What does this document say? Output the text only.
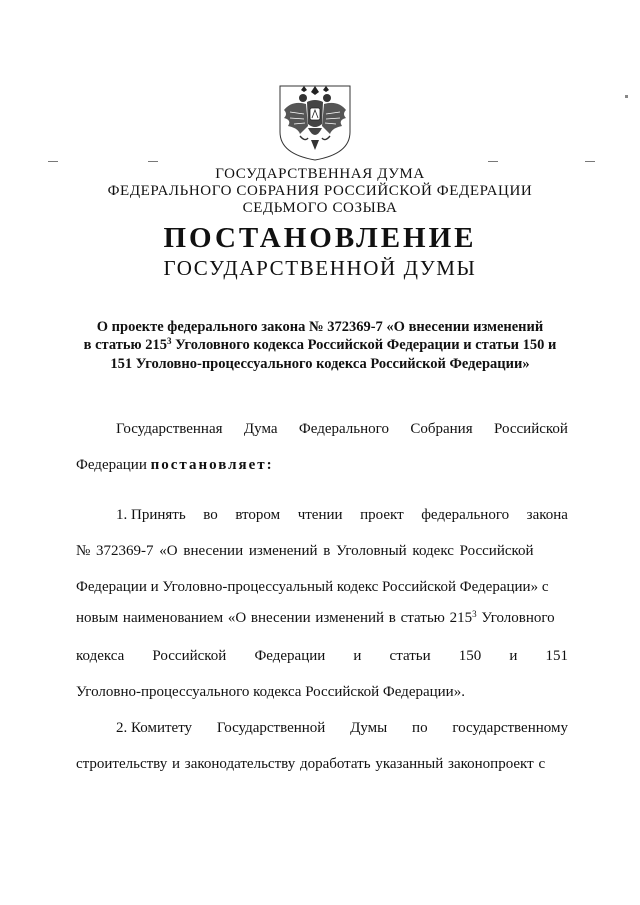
ГОСУДАРСТВЕННАЯ ДУМА
ФЕДЕРАЛЬНОГО СОБРАНИЯ РОССИЙСКОЙ ФЕДЕРАЦИИ
СЕДЬМОГО СОЗЫВА
ПОСТАНОВЛЕНИЕ
ГОСУДАРСТВЕННОЙ ДУМЫ
О проекте федерального закона № 372369-7 «О внесении изменений
в статью $215^3$ Уголовного кодекса Российской Федерации и статьи 150 и
151 Уголовно-процессуального кодекса Российской Федерации»
Государственная Дума Федерального Собрания Российской
Федерации постановляет:
1. Принять во втором чтении проект федерального закона
№ 372369-7 «О внесении изменений в Уголовный кодекс Российской
Федерации и Уголовно-процессуальный кодекс Российской Федерации» с
новым наименованием «О внесении изменений в статью $215^3$ Уголовного
кодекса Российской Федерации и статьи 150 и 151
Уголовно-процессуального кодекса Российской Федерации».
2. Комитету Государственной Думы по государственному
строительству и законодательству доработать указанный законопроект с
